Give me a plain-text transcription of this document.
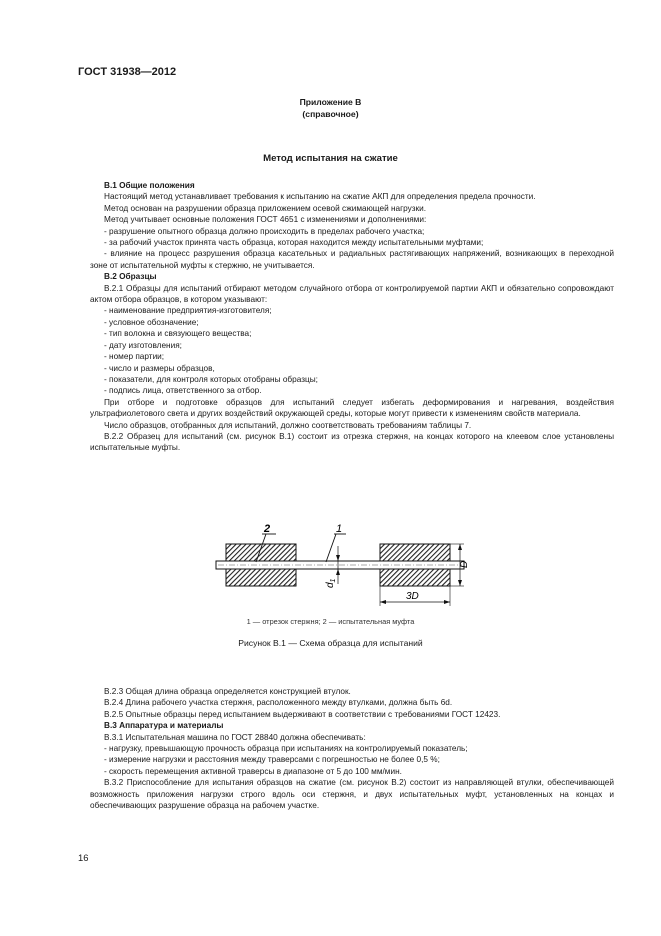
ГОСТ 31938—2012
Приложение В
(справочное)
Метод испытания на сжатие

В.1 Общие положения

Настоящий метод устанавливает требования к испытанию на сжатие АКП для определения предела прочности.

Метод основан на разрушении образца приложением осевой сжимающей нагрузки.

Метод учитывает основные положения ГОСТ 4651 с изменениями и дополнениями:

- разрушение опытного образца должно происходить в пределах рабочего участка;

- за рабочий участок принята часть образца, которая находится между испытательными муфтами;

- влияние на процесс разрушения образца касательных и радиальных растягивающих напряжений, возникающих в переходной зоне от испытательной муфты к стержню, не учитывается.

В.2 Образцы

В.2.1 Образцы для испытаний отбирают методом случайного отбора от контролируемой партии АКП и обязательно сопровождают актом отбора образцов, в котором указывают:

- наименование предприятия-изготовителя;

- условное обозначение;

- тип волокна и связующего вещества;

- дату изготовления;

- номер партии;

- число и размеры образцов,

- показатели, для контроля которых отобраны образцы;

- подпись лица, ответственного за отбор.

При отборе и подготовке образцов для испытаний следует избегать деформирования и нагревания, воздействия ультрафиолетового света и других воздействий окружающей среды, которые могут привести к изменениям свойств материала.

Число образцов, отобранных для испытаний, должно соответствовать требованиям таблицы 7.

В.2.2 Образец для испытаний (см. рисунок В.1) состоит из отрезка стержня, на концах которого на клеевом слое установлены испытательные муфты.

2	1
$d_1$
D
3D
1 — отрезок стержня; 2 — испытательная муфта
Рисунок В.1 — Схема образца для испытаний

В.2.3 Общая длина образца определяется конструкцией втулок.

В.2.4 Длина рабочего участка стержня, расположенного между втулками, должна быть 6d.

В.2.5 Опытные образцы перед испытанием выдерживают в соответствии с требованиями ГОСТ 12423.

В.3 Аппаратура и материалы

В.3.1 Испытательная машина по ГОСТ 28840 должна обеспечивать:

- нагрузку, превышающую прочность образца при испытаниях на контролируемый показатель;

- измерение нагрузки и расстояния между траверсами с погрешностью не более 0,5 %;

- скорость перемещения активной траверсы в диапазоне от 5 до 100 мм/мин.

В.3.2 Приспособление для испытания образцов на сжатие (см. рисунок В.2) состоит из направляющей втулки, обеспечивающей возможность приложения нагрузки строго вдоль оси стержня, и двух испытательных муфт, установленных на концах и обеспечивающих разрушение образца на рабочем участке.

16
